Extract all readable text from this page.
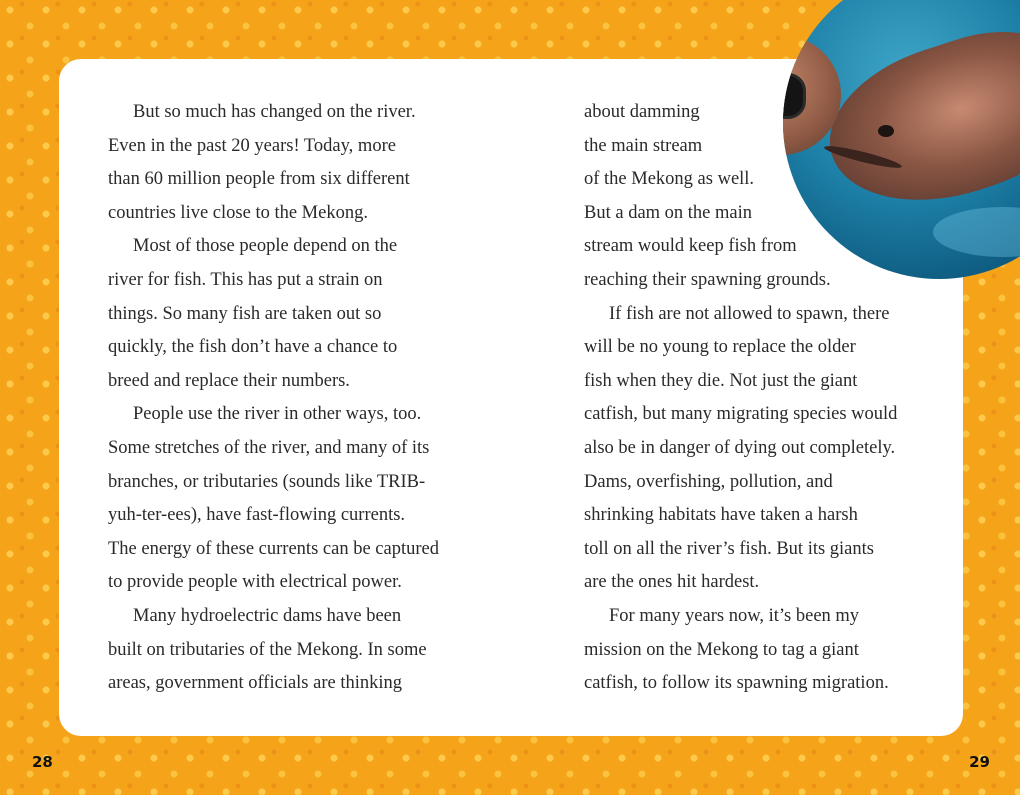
But so much has changed on the river.
Even in the past 20 years! Today, more
than 60 million people from six different
countries live close to the Mekong.
Most of those people depend on the
river for fish. This has put a strain on
things. So many fish are taken out so
quickly, the fish don’t have a chance to
breed and replace their numbers.
People use the river in other ways, too.
Some stretches of the river, and many of its
branches, or tributaries (sounds like TRIB-
yuh-ter-ees), have fast-flowing currents.
The energy of these currents can be captured
to provide people with electrical power.
Many hydroelectric dams have been
built on tributaries of the Mekong. In some
areas, government officials are thinking
about damming
the main stream
of the Mekong as well.
But a dam on the main
stream would keep fish from
reaching their spawning grounds.
If fish are not allowed to spawn, there
will be no young to replace the older
fish when they die. Not just the giant
catfish, but many migrating species would
also be in danger of dying out completely.
Dams, overfishing, pollution, and
shrinking habitats have taken a harsh
toll on all the river’s fish. But its giants
are the ones hit hardest.
For many years now, it’s been my
mission on the Mekong to tag a giant
catfish, to follow its spawning migration.
28	29
